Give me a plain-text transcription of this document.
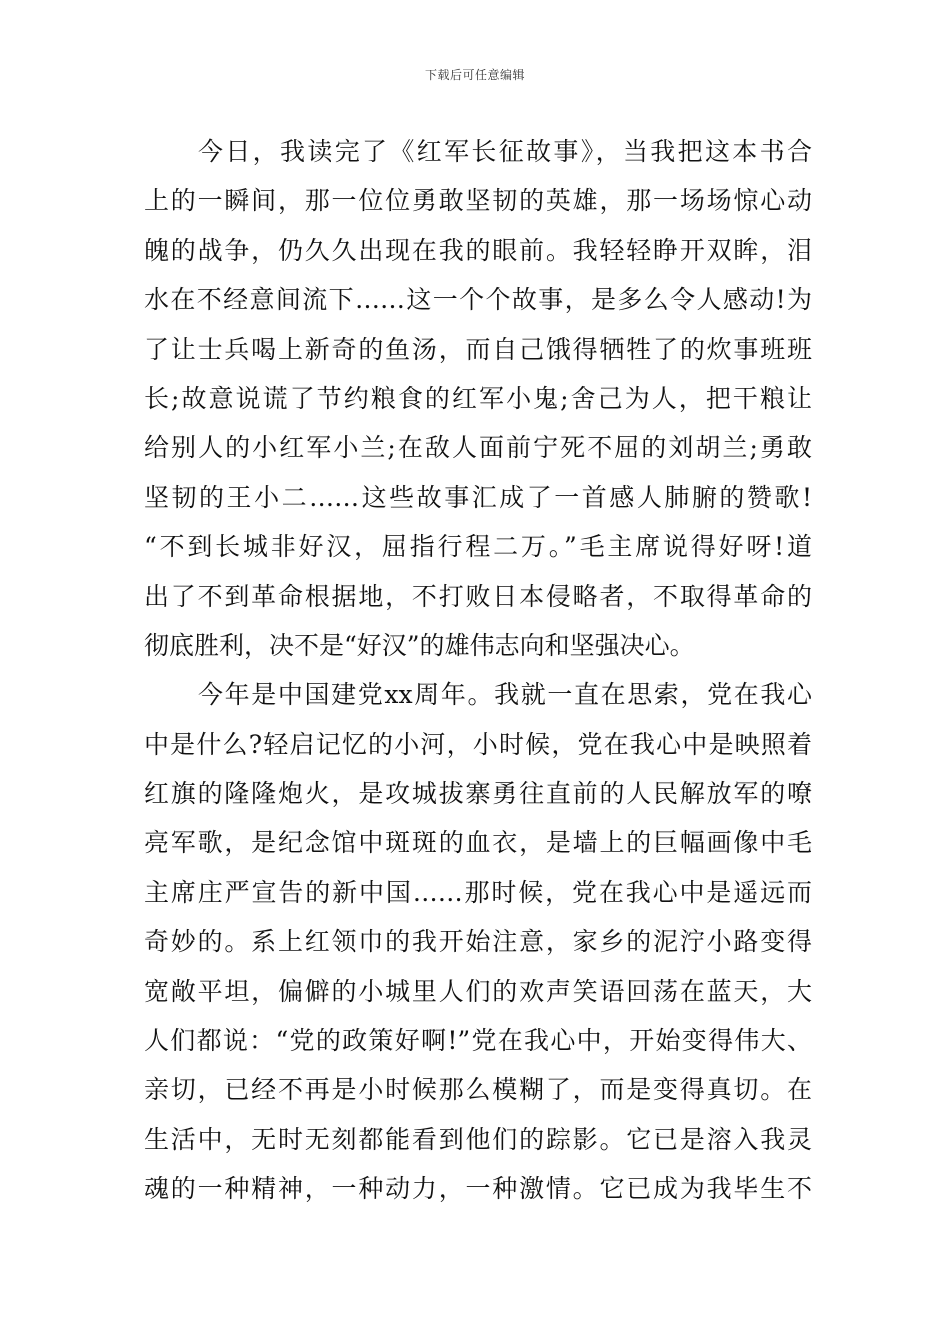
下载后可任意编辑
今日，我读完了《红军长征故事》，当我把这本书合
上的一瞬间，那一位位勇敢坚韧的英雄，那一场场惊心动
魄的战争，仍久久出现在我的眼前。我轻轻睁开双眸，泪
水在不经意间流下……这一个个故事，是多么令人感动!为
了让士兵喝上新奇的鱼汤，而自己饿得牺牲了的炊事班班
长;故意说谎了节约粮食的红军小鬼;舍己为人，把干粮让
给别人的小红军小兰;在敌人面前宁死不屈的刘胡兰;勇敢
坚韧的王小二……这些故事汇成了一首感人肺腑的赞歌!
“不到长城非好汉，屈指行程二万。”毛主席说得好呀!道
出了不到革命根据地，不打败日本侵略者，不取得革命的
彻底胜利，决不是“好汉”的雄伟志向和坚强决心。
今年是中国建党xx周年。我就一直在思索，党在我心
中是什么?轻启记忆的小河，小时候，党在我心中是映照着
红旗的隆隆炮火，是攻城拔寨勇往直前的人民解放军的嘹
亮军歌，是纪念馆中斑斑的血衣，是墙上的巨幅画像中毛
主席庄严宣告的新中国……那时候，党在我心中是遥远而
奇妙的。系上红领巾的我开始注意，家乡的泥泞小路变得
宽敞平坦，偏僻的小城里人们的欢声笑语回荡在蓝天，大
人们都说：“党的政策好啊!”党在我心中，开始变得伟大、
亲切，已经不再是小时候那么模糊了，而是变得真切。在
生活中，无时无刻都能看到他们的踪影。它已是溶入我灵
魂的一种精神，一种动力，一种激情。它已成为我毕生不
